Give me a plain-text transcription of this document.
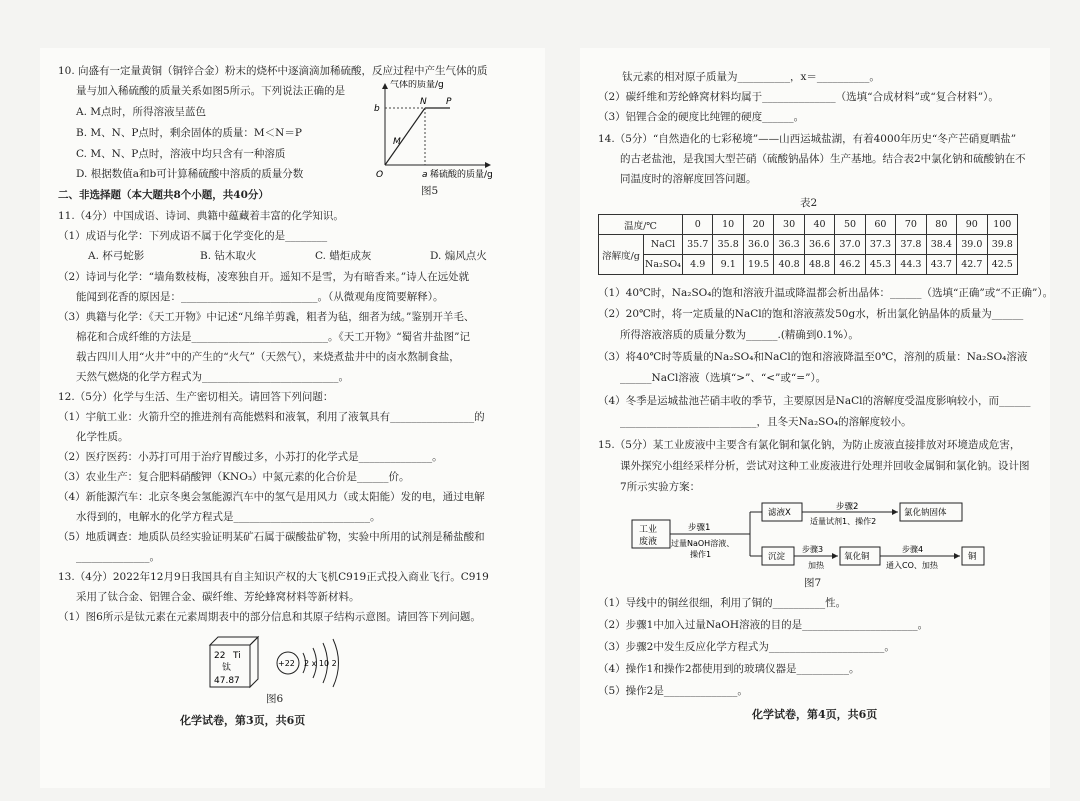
10. 向盛有一定量黄铜（铜锌合金）粉末的烧杯中逐滴滴加稀硫酸，反应过程中产生气体的质
量与加入稀硫酸的质量关系如图5所示。下列说法正确的是
A. M点时，所得溶液呈蓝色
B. M、N、P点时，剩余固体的质量：M＜N＝P
C. M、N、P点时，溶液中均只含有一种溶质
D. 根据数值a和b可计算稀硫酸中溶质的质量分数
气体的质量/g
b
O	a
M
N P
稀硫酸的质量/g
图5
二、非选择题（本大题共8个小题，共40分）
11.（4分）中国成语、诗词、典籍中蕴藏着丰富的化学知识。
（1）成语与化学：下列成语不属于化学变化的是________
A. 杯弓蛇影	B. 钻木取火	C. 蜡炬成灰	D. 煽风点火
（2）诗词与化学：“墙角数枝梅，凌寒独自开。遥知不是雪，为有暗香来。”诗人在远处就
能闻到花香的原因是：__________________________。（从微观角度简要解释）。
（3）典籍与化学：《天工开物》中记述“凡绵羊剪毳，粗者为毡，细者为绒。”鉴别开羊毛、
棉花和合成纤维的方法是__________________________。《天工开物》“蜀省井盐图”记
载古四川人用“火井”中的产生的“火气”（天然气），来烧煮盐井中的卤水熬制食盐，
天然气燃烧的化学方程式为__________________________。
12.（5分）化学与生活、生产密切相关。请回答下列问题：
（1）宇航工业：火箭升空的推进剂有高能燃料和液氧，利用了液氧具有________________的
化学性质。
（2）医疗医药：小苏打可用于治疗胃酸过多，小苏打的化学式是______________。
（3）农业生产：复合肥料硝酸钾（KNO₃）中氮元素的化合价是______价。
（4）新能源汽车：北京冬奥会氢能源汽车中的氢气是用风力（或太阳能）发的电，通过电解
水得到的，电解水的化学方程式是__________________________。
（5）地质调查：地质队员经实验证明某矿石属于碳酸盐矿物，实验中所用的试剂是稀盐酸和
______________。
13.（4分）2022年12月9日我国具有自主知识产权的大飞机C919正式投入商业飞行。C919
采用了钛合金、铝锂合金、碳纤维、芳纶蜂窝材料等新材料。
（1）图6所示是钛元素在元素周期表中的部分信息和其原子结构示意图。请回答下列问题。
22 Ti
钛
47.87
+22 2 x 10 2
图6
化学试卷，第3页，共6页
钛元素的相对原子质量为__________，x＝__________。
（2）碳纤维和芳纶蜂窝材料均属于______________（选填“合成材料”或“复合材料”）。
（3）铝锂合金的硬度比纯锂的硬度______。
14.（5分）“自然造化的七彩秘境”——山西运城盐湖，有着4000年历史“冬产芒硝夏晒盐”
的古老盐池，是我国大型芒硝（硫酸钠晶体）生产基地。结合表2中氯化钠和硫酸钠在不
同温度时的溶解度回答问题。
表2
温度/℃		0	10	20	30	40	50	60	70	80	90	100
溶解度/g	NaCl	35.7	35.8	36.0	36.3	36.6	37.0	37.3	37.8	38.4	39.0	39.8
	Na₂SO₄	4.9	9.1	19.5	40.8	48.8	46.2	45.3	44.3	43.7	42.7	42.5
（1）40℃时，Na₂SO₄的饱和溶液升温或降温都会析出晶体：______（选填“正确”或“不正确”）。
（2）20℃时，将一定质量的NaCl的饱和溶液蒸发50g水，析出氯化钠晶体的质量为______
所得溶液溶质的质量分数为______.(精确到0.1%）。
（3）将40℃时等质量的Na₂SO₄和NaCl的饱和溶液降温至0℃，溶剂的质量：Na₂SO₄溶液
______NaCl溶液（选填“>”、“<”或“=”）。
（4）冬季是运城盐池芒硝丰收的季节，主要原因是NaCl的溶解度受温度影响较小，而______
__________________________，且冬天Na₂SO₄的溶解度较小。
15.（5分）某工业废液中主要含有氯化铜和氯化钠，为防止废液直接排放对环境造成危害，
课外探究小组经采样分析，尝试对这种工业废液进行处理并回收金属铜和氯化钠。设计图
7所示实验方案：
工业
废液
步骤1
过量NaOH溶液、
操作1
滤液X
步骤2
适量试剂1、操作2
氯化钠固体
沉淀
步骤3
加热
氧化铜
步骤4
通入CO、加热
铜
图7
（1）导线中的铜丝很细，利用了铜的__________性。
（2）步骤1中加入过量NaOH溶液的目的是______________________。
（3）步骤2中发生反应化学方程式为______________________。
（4）操作1和操作2都使用到的玻璃仪器是__________。
（5）操作2是______________。
化学试卷，第4页，共6页
